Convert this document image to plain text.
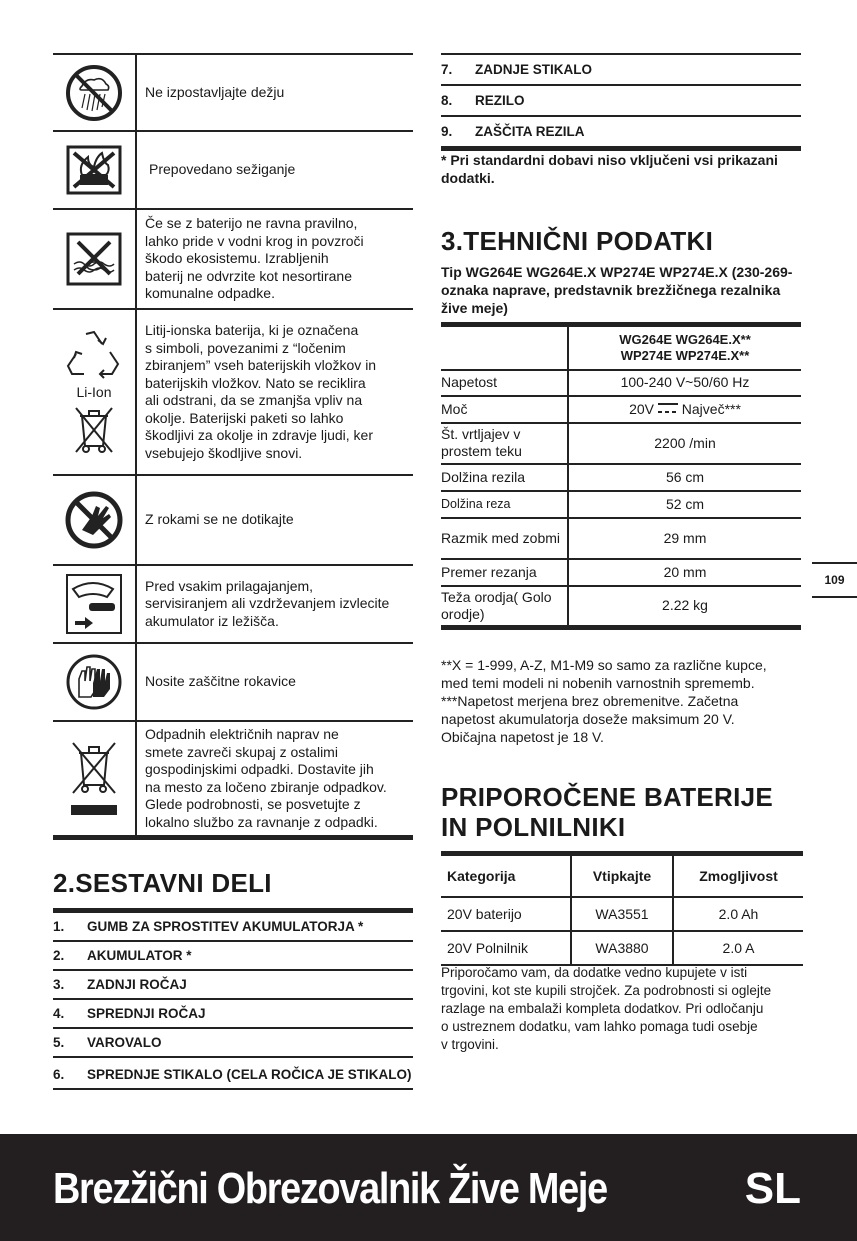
Ne izpostavljajte dežju
Prepovedano sežiganje
Če se z baterijo ne ravna pravilno,
lahko pride v vodni krog in povzroči
škodo ekosistemu. Izrabljenih
baterij ne odvrzite kot nesortirane
komunalne odpadke.
Li-Ion
Litij-ionska baterija, ki je označena
s simboli, povezanimi z “ločenim
zbiranjem” vseh baterijskih vložkov in
baterijskih vložkov. Nato se reciklira
ali odstrani, da se zmanjša vpliv na
okolje. Baterijski paketi so lahko
škodljivi za okolje in zdravje ljudi, ker
vsebujejo škodljive snovi.
Z rokami se ne dotikajte
Pred vsakim prilagajanjem,
servisiranjem ali vzdrževanjem izvlecite
akumulator iz ležišča.
Nosite zaščitne rokavice
Odpadnih električnih naprav ne
smete zavreči skupaj z ostalimi
gospodinjskimi odpadki. Dostavite jih
na mesto za ločeno zbiranje odpadkov.
Glede podrobnosti, se posvetujte z
lokalno službo za ravnanje z odpadki.
2.SESTAVNI DELI
1.	GUMB ZA SPROSTITEV AKUMULATORJA *
2.	AKUMULATOR *
3.	ZADNJI ROČAJ
4.	SPREDNJI ROČAJ
5.	VAROVALO
6.	SPREDNJE STIKALO (CELA ROČICA JE STIKALO)
7.	ZADNJE STIKALO
8.	REZILO
9.	ZAŠČITA REZILA
* Pri standardni dobavi niso vključeni vsi prikazani dodatki.
3.TEHNIČNI PODATKI
Tip WG264E WG264E.X WP274E WP274E.X (230-269- oznaka naprave, predstavnik brezžičnega rezalnika žive meje)
	WG264E WG264E.X**
WP274E WP274E.X**
Napetost	100-240 V~50/60 Hz
Moč	20V Največ***
Št. vrtljajev v prostem teku	2200 /min
Dolžina rezila	56 cm
Dolžina reza	52 cm
Razmik med zobmi	29 mm
Premer rezanja	20 mm
Teža orodja( Golo orodje)	2.22 kg
**X = 1-999, A-Z, M1-M9 so samo za različne kupce,
med temi modeli ni nobenih varnostnih sprememb.
***Napetost merjena brez obremenitve. Začetna
napetost akumulatorja doseže maksimum 20 V.
Običajna napetost je 18 V.
PRIPOROČENE BATERIJE IN POLNILNIKI
Kategorija	Vtipkajte	Zmogljivost
20V baterijo	WA3551	2.0 Ah
20V Polnilnik	WA3880	2.0 A
Priporočamo vam, da dodatke vedno kupujete v isti
trgovini, kot ste kupili strojček. Za podrobnosti si oglejte
razlage na embalaži kompleta dodatkov. Pri odločanju
o ustreznem dodatku, vam lahko pomaga tudi osebje
v trgovini.
109
Brezžični Obrezovalnik Žive Meje	SL
